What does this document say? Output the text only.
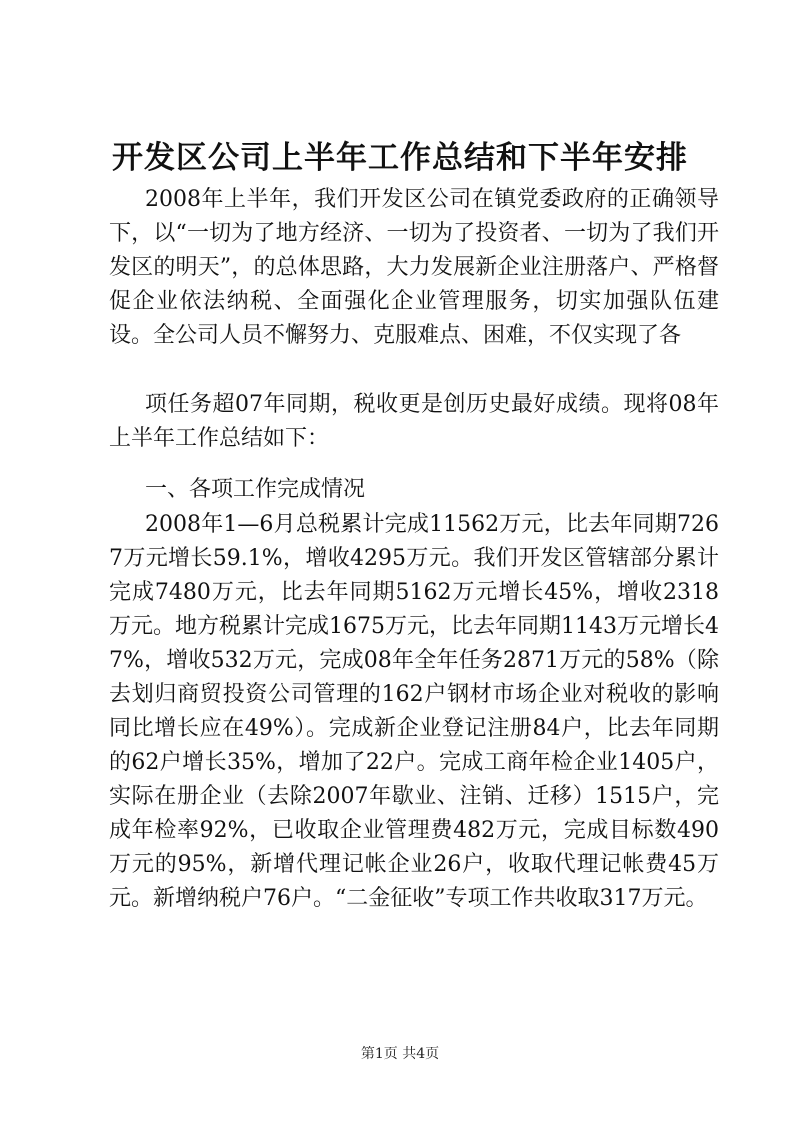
开发区公司上半年工作总结和下半年安排

2008年上半年，我们开发区公司在镇党委政府的正确领导下，以“一切为了地方经济、一切为了投资者、一切为了我们开发区的明天”，的总体思路，大力发展新企业注册落户、严格督促企业依法纳税、全面强化企业管理服务，切实加强队伍建设。全公司人员不懈努力、克服难点、困难，不仅实现了各

项任务超07年同期，税收更是创历史最好成绩。现将08年上半年工作总结如下：

一、各项工作完成情况

2008年1—6月总税累计完成11562万元，比去年同期7267万元增长59.1%，增收4295万元。我们开发区管辖部分累计完成7480万元，比去年同期5162万元增长45%，增收2318万元。地方税累计完成1675万元，比去年同期1143万元增长47%，增收532万元，完成08年全年任务2871万元的58%（除去划归商贸投资公司管理的162户钢材市场企业对税收的影响同比增长应在49%）。完成新企业登记注册84户，比去年同期的62户增长35%，增加了22户。完成工商年检企业1405户，实际在册企业（去除2007年歇业、注销、迁移）1515户，完成年检率92%，已收取企业管理费482万元，完成目标数490万元的95%，新增代理记帐企业26户，收取代理记帐费45万元。新增纳税户76户。“二金征收”专项工作共收取317万元。

第1页 共4页
